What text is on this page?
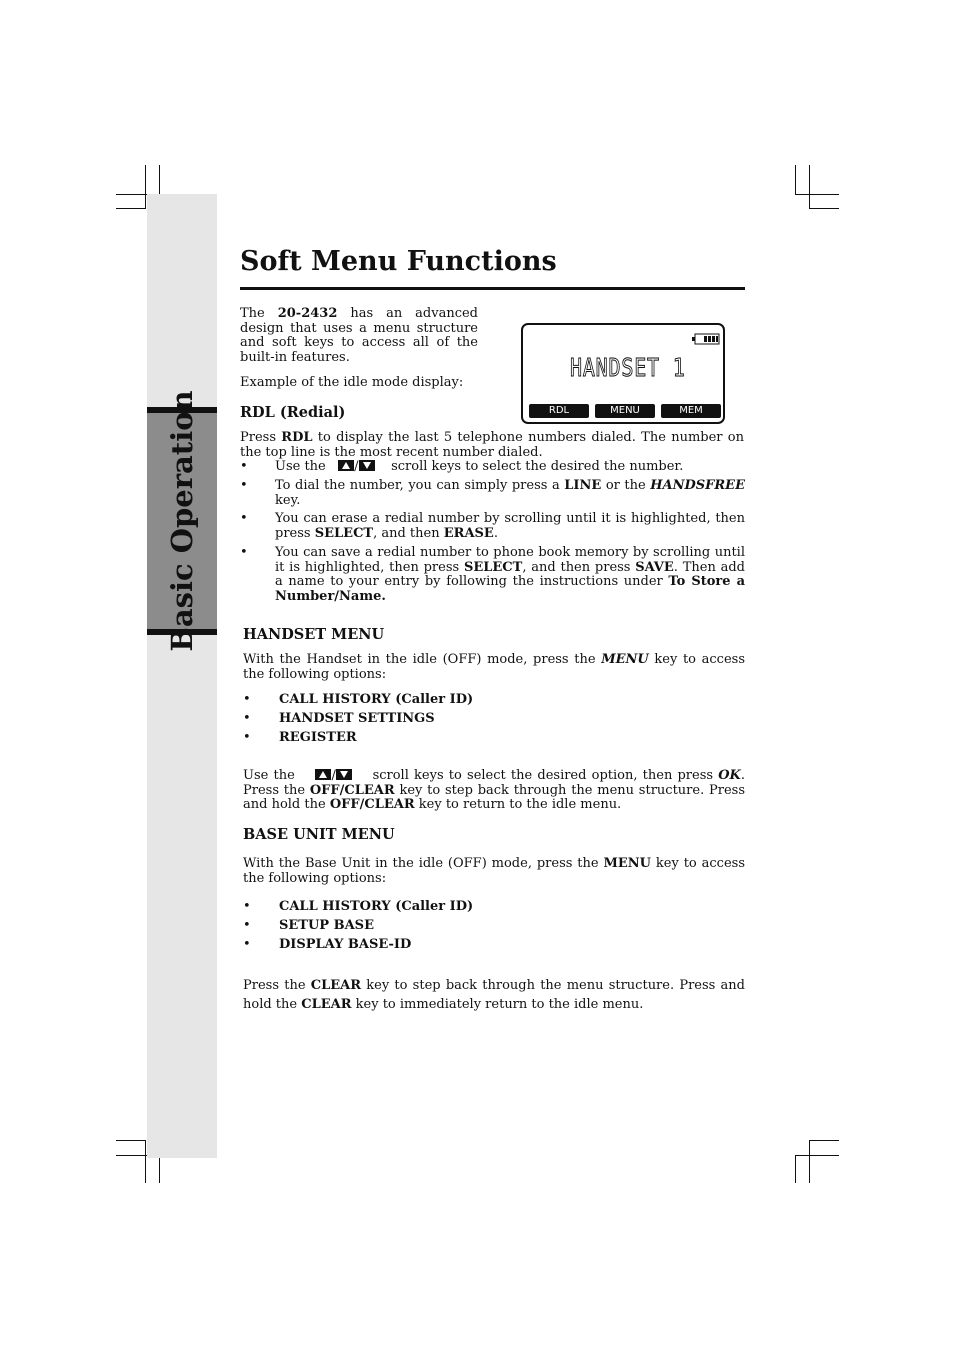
Basic Operation
Soft Menu Functions
The 20-2432 has an advanced design that uses a menu structure and soft keys to access all of the built-in features.
Example of the idle mode display:
HANDSET 1
RDL	MENU	MEM
RDL (Redial)
Press RDL to display the last 5 telephone numbers dialed. The number on the top line is the most recent number dialed.
• Use the /	scroll keys to select the desired the number.
• To dial the number, you can simply press a LINE or the HANDSFREE key.
• You can erase a redial number by scrolling until it is highlighted, then press SELECT, and then ERASE.
• You can save a redial number to phone book memory by scrolling until it is highlighted, then press SELECT, and then press SAVE. Then add a name to your entry by following the instructions under To Store a Number/Name.
HANDSET MENU
With the Handset in the idle (OFF) mode, press the MENU key to access the following options:
• CALL HISTORY (Caller ID)
• HANDSET SETTINGS
• REGISTER
Use the	/	scroll keys to select the desired option, then press OK. Press the OFF/CLEAR key to step back through the menu structure. Press and hold the OFF/CLEAR key to return to the idle menu.
BASE UNIT MENU
With the Base Unit in the idle (OFF) mode, press the MENU key to access the following options:
• CALL HISTORY (Caller ID)
• SETUP BASE
• DISPLAY BASE-ID
Press the CLEAR key to step back through the menu structure. Press and hold the CLEAR key to immediately return to the idle menu.
